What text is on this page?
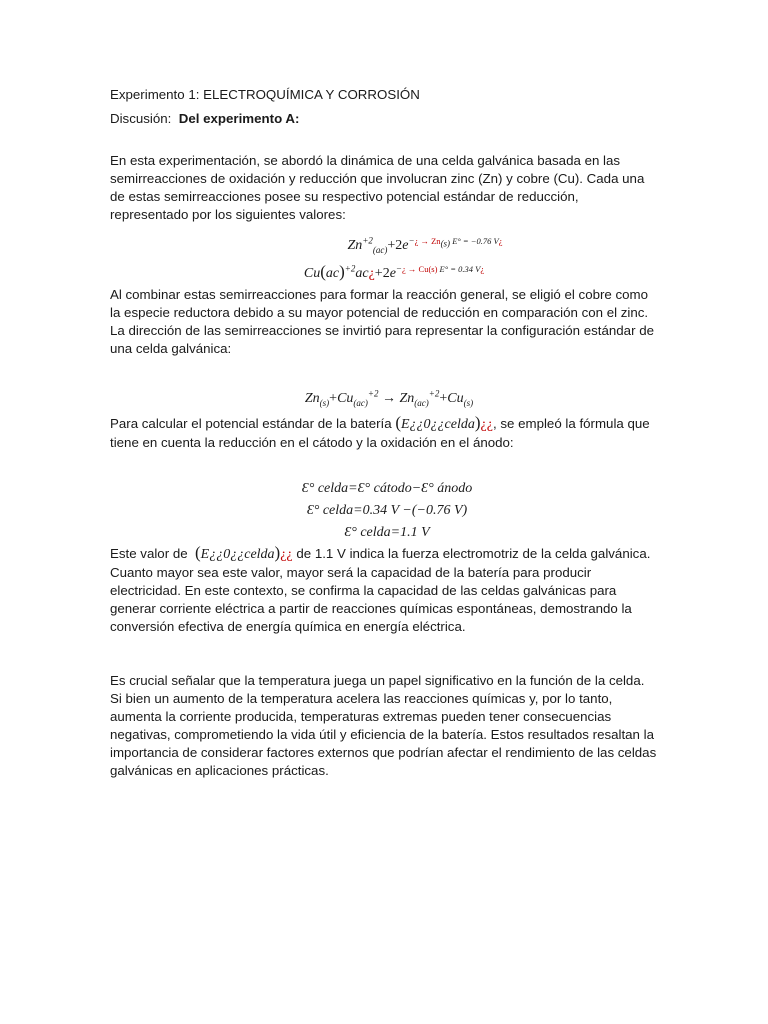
Experimento 1: ELECTROQUÍMICA Y CORROSIÓN

Discusión: Del experimento A:

En esta experimentación, se abordó la dinámica de una celda galvánica basada en las semirreacciones de oxidación y reducción que involucran zinc (Zn) y cobre (Cu). Cada una de estas semirreacciones posee su respectivo potencial estándar de reducción, representado por los siguientes valores:

$Zn^{+2}_{(ac)}+2e^{-¿ \to Zn_{(s)} E^\circ = -0.76 V¿}$
$Cu(ac)^{+2}ac¿+2e^{-¿ \to Cu(s) E^\circ = 0.34 V¿}$

Al combinar estas semirreacciones para formar la reacción general, se eligió el cobre como la especie reductora debido a su mayor potencial de reducción en comparación con el zinc. La dirección de las semirreacciones se invirtió para representar la configuración estándar de una celda galvánica:

$Zn_{(s)}+Cu_{(ac)}^{+2} \to Zn_{(ac)}^{+2}+Cu_{(s)}$

Para calcular el potencial estándar de la batería (E¿¿0¿¿celda)¿¿, se empleó la fórmula que tiene en cuenta la reducción en el cátodo y la oxidación en el ánodo:

Ɛ° celda=Ɛ° cátodo−Ɛ° ánodo
Ɛ° celda=0.34 V −(−0.76 V)
Ɛ° celda=1.1 V

Este valor de (E¿¿0¿¿celda)¿¿ de 1.1 V indica la fuerza electromotriz de la celda galvánica. Cuanto mayor sea este valor, mayor será la capacidad de la batería para producir electricidad. En este contexto, se confirma la capacidad de las celdas galvánicas para generar corriente eléctrica a partir de reacciones químicas espontáneas, demostrando la conversión efectiva de energía química en energía eléctrica.

Es crucial señalar que la temperatura juega un papel significativo en la función de la celda. Si bien un aumento de la temperatura acelera las reacciones químicas y, por lo tanto, aumenta la corriente producida, temperaturas extremas pueden tener consecuencias negativas, comprometiendo la vida útil y eficiencia de la batería. Estos resultados resaltan la importancia de considerar factores externos que podrían afectar el rendimiento de las celdas galvánicas en aplicaciones prácticas.
